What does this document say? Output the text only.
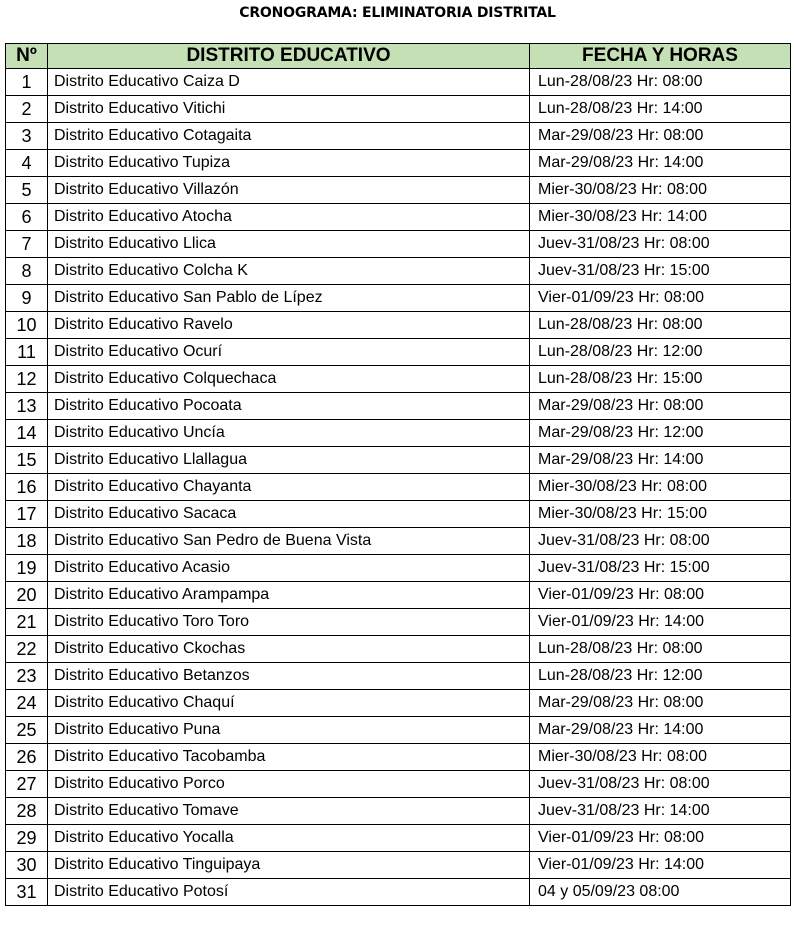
CRONOGRAMA: ELIMINATORIA DISTRITAL
Nº	DISTRITO EDUCATIVO	FECHA Y HORAS
1	Distrito Educativo Caiza D	Lun-28/08/23 Hr: 08:00
2	Distrito Educativo Vitichi	Lun-28/08/23 Hr: 14:00
3	Distrito Educativo Cotagaita	Mar-29/08/23 Hr: 08:00
4	Distrito Educativo Tupiza	Mar-29/08/23 Hr: 14:00
5	Distrito Educativo Villazón	Mier-30/08/23 Hr: 08:00
6	Distrito Educativo Atocha	Mier-30/08/23 Hr: 14:00
7	Distrito Educativo Llica	Juev-31/08/23 Hr: 08:00
8	Distrito Educativo Colcha K	Juev-31/08/23 Hr: 15:00
9	Distrito Educativo San Pablo de Lípez	Vier-01/09/23 Hr: 08:00
10	Distrito Educativo Ravelo	Lun-28/08/23 Hr: 08:00
11	Distrito Educativo Ocurí	Lun-28/08/23 Hr: 12:00
12	Distrito Educativo Colquechaca	Lun-28/08/23 Hr: 15:00
13	Distrito Educativo Pocoata	Mar-29/08/23 Hr: 08:00
14	Distrito Educativo Uncía	Mar-29/08/23 Hr: 12:00
15	Distrito Educativo Llallagua	Mar-29/08/23 Hr: 14:00
16	Distrito Educativo Chayanta	Mier-30/08/23 Hr: 08:00
17	Distrito Educativo Sacaca	Mier-30/08/23 Hr: 15:00
18	Distrito Educativo San Pedro de Buena Vista	Juev-31/08/23 Hr: 08:00
19	Distrito Educativo Acasio	Juev-31/08/23 Hr: 15:00
20	Distrito Educativo Arampampa	Vier-01/09/23 Hr: 08:00
21	Distrito Educativo Toro Toro	Vier-01/09/23 Hr: 14:00
22	Distrito Educativo Ckochas	Lun-28/08/23 Hr: 08:00
23	Distrito Educativo Betanzos	Lun-28/08/23 Hr: 12:00
24	Distrito Educativo Chaquí	Mar-29/08/23 Hr: 08:00
25	Distrito Educativo Puna	Mar-29/08/23 Hr: 14:00
26	Distrito Educativo Tacobamba	Mier-30/08/23 Hr: 08:00
27	Distrito Educativo Porco	Juev-31/08/23 Hr: 08:00
28	Distrito Educativo Tomave	Juev-31/08/23 Hr: 14:00
29	Distrito Educativo Yocalla	Vier-01/09/23 Hr: 08:00
30	Distrito Educativo Tinguipaya	Vier-01/09/23 Hr: 14:00
31	Distrito Educativo Potosí	04 y 05/09/23 08:00
